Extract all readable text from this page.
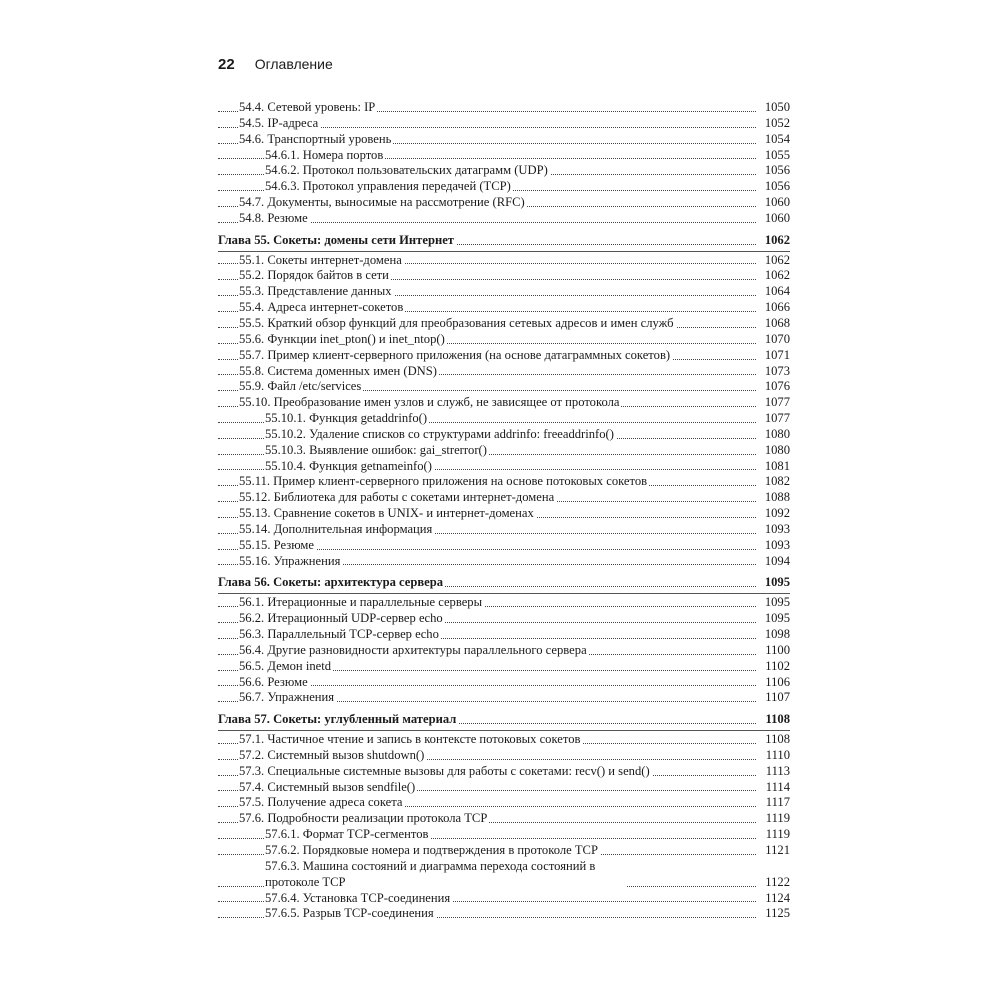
22 Оглавление
54.4. Сетевой уровень: IP	1050
54.5. IP-адреса	1052
54.6. Транспортный уровень	1054
54.6.1. Номера портов	1055
54.6.2. Протокол пользовательских датаграмм (UDP)	1056
54.6.3. Протокол управления передачей (TCP)	1056
54.7. Документы, выносимые на рассмотрение (RFC)	1060
54.8. Резюме	1060
Глава 55. Сокеты: домены сети Интернет	1062
55.1. Сокеты интернет-домена	1062
55.2. Порядок байтов в сети	1062
55.3. Представление данных	1064
55.4. Адреса интернет-сокетов	1066
55.5. Краткий обзор функций для преобразования сетевых адресов и имен служб	1068
55.6. Функции inet_pton() и inet_ntop()	1070
55.7. Пример клиент-серверного приложения (на основе датаграммных сокетов)	1071
55.8. Система доменных имен (DNS)	1073
55.9. Файл /etc/services	1076
55.10. Преобразование имен узлов и служб, не зависящее от протокола	1077
55.10.1. Функция getaddrinfo()	1077
55.10.2. Удаление списков со структурами addrinfo: freeaddrinfo()	1080
55.10.3. Выявление ошибок: gai_strerror()	1080
55.10.4. Функция getnameinfo()	1081
55.11. Пример клиент-серверного приложения на основе потоковых сокетов	1082
55.12. Библиотека для работы с сокетами интернет-домена	1088
55.13. Сравнение сокетов в UNIX- и интернет-доменах	1092
55.14. Дополнительная информация	1093
55.15. Резюме	1093
55.16. Упражнения	1094
Глава 56. Сокеты: архитектура сервера	1095
56.1. Итерационные и параллельные серверы	1095
56.2. Итерационный UDP-сервер echo	1095
56.3. Параллельный TCP-сервер echo	1098
56.4. Другие разновидности архитектуры параллельного сервера	1100
56.5. Демон inetd	1102
56.6. Резюме	1106
56.7. Упражнения	1107
Глава 57. Сокеты: углубленный материал	1108
57.1. Частичное чтение и запись в контексте потоковых сокетов	1108
57.2. Системный вызов shutdown()	1110
57.3. Специальные системные вызовы для работы с сокетами: recv() и send()	1113
57.4. Системный вызов sendfile()	1114
57.5. Получение адреса сокета	1117
57.6. Подробности реализации протокола TCP	1119
57.6.1. Формат TCP-сегментов	1119
57.6.2. Порядковые номера и подтверждения в протоколе TCP	1121
57.6.3. Машина состояний и диаграмма перехода состояний в протоколе TCP	1122
57.6.4. Установка TCP-соединения	1124
57.6.5. Разрыв TCP-соединения	1125
